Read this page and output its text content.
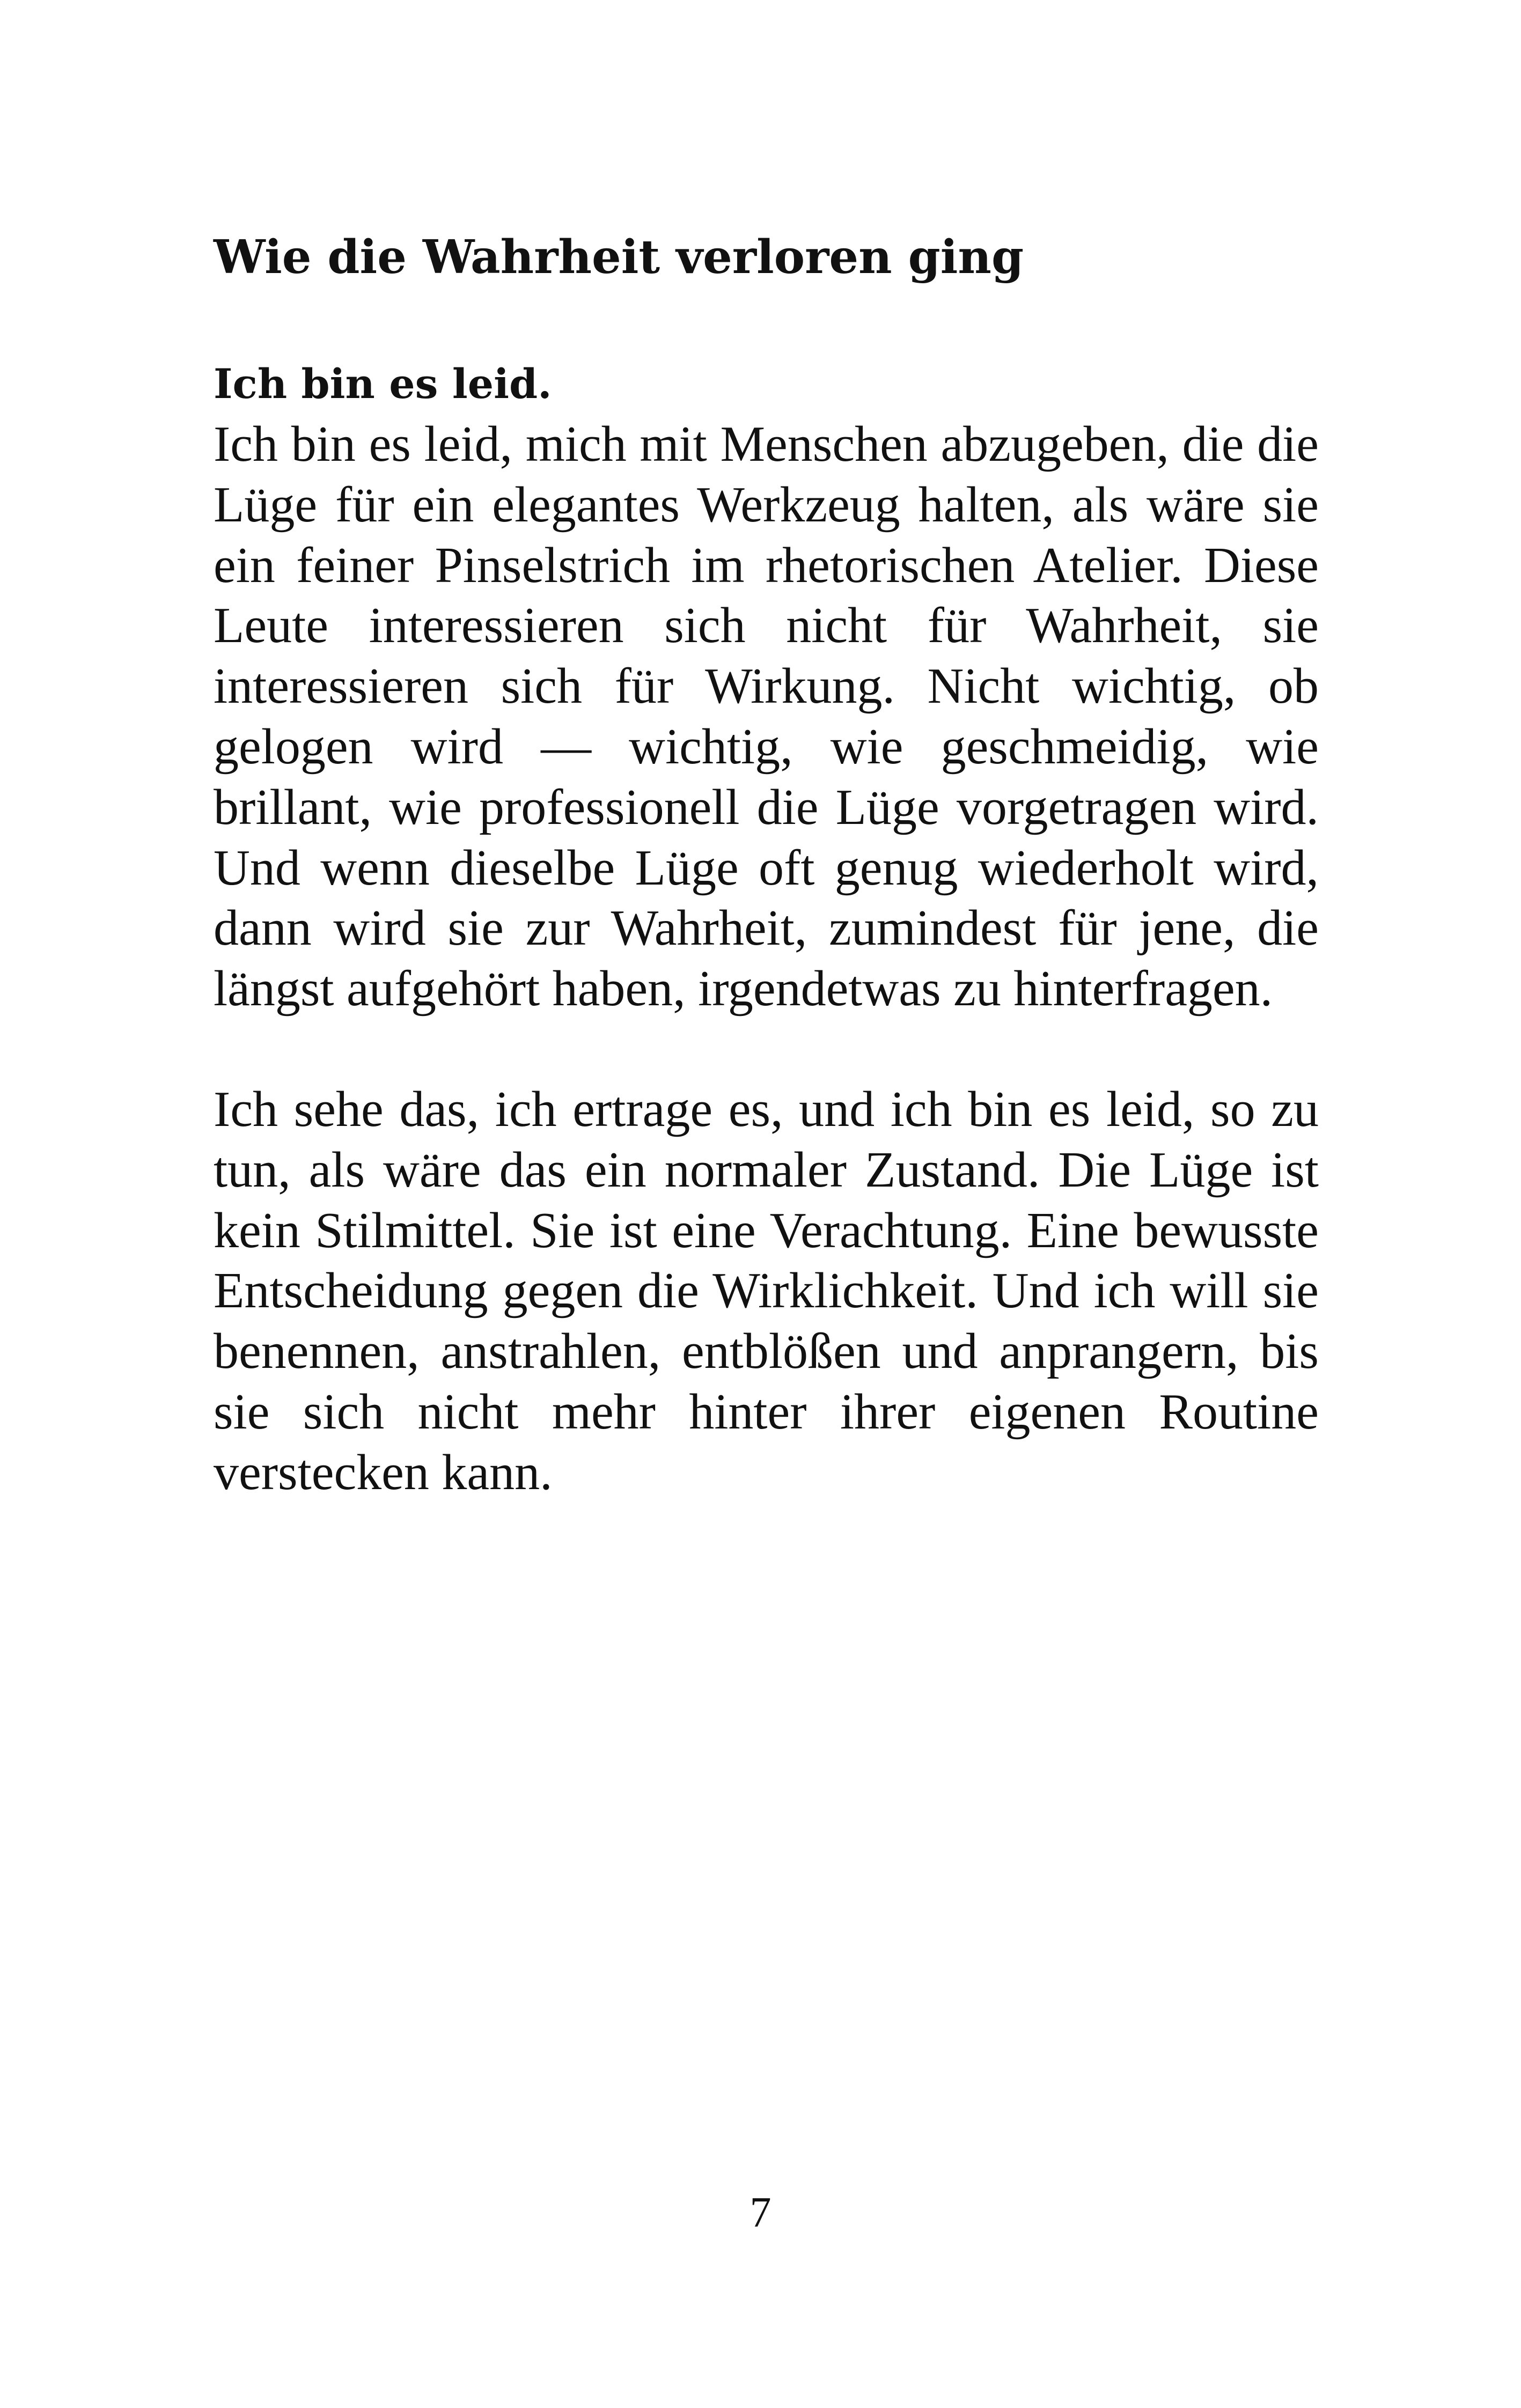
Wie die Wahrheit verloren ging
Ich bin es leid.

Ich bin es leid, mich mit Menschen abzugeben, die die Lüge für ein elegantes Werkzeug halten, als wäre sie ein feiner Pinselstrich im rhetorischen Atelier. Diese Leute interessieren sich nicht für Wahrheit, sie interessieren sich für Wirkung. Nicht wichtig, ob gelogen wird — wichtig, wie geschmeidig, wie brillant, wie professionell die Lüge vorgetragen wird. Und wenn dieselbe Lüge oft genug wiederholt wird, dann wird sie zur Wahrheit, zumindest für jene, die längst aufgehört haben, irgendetwas zu hinterfragen.

Ich sehe das, ich ertrage es, und ich bin es leid, so zu tun, als wäre das ein normaler Zustand. Die Lüge ist kein Stilmittel. Sie ist eine Verachtung. Eine bewusste Entscheidung gegen die Wirklichkeit. Und ich will sie benennen, anstrahlen, entblößen und anprangern, bis sie sich nicht mehr hinter ihrer eigenen Routine verstecken kann.

7
